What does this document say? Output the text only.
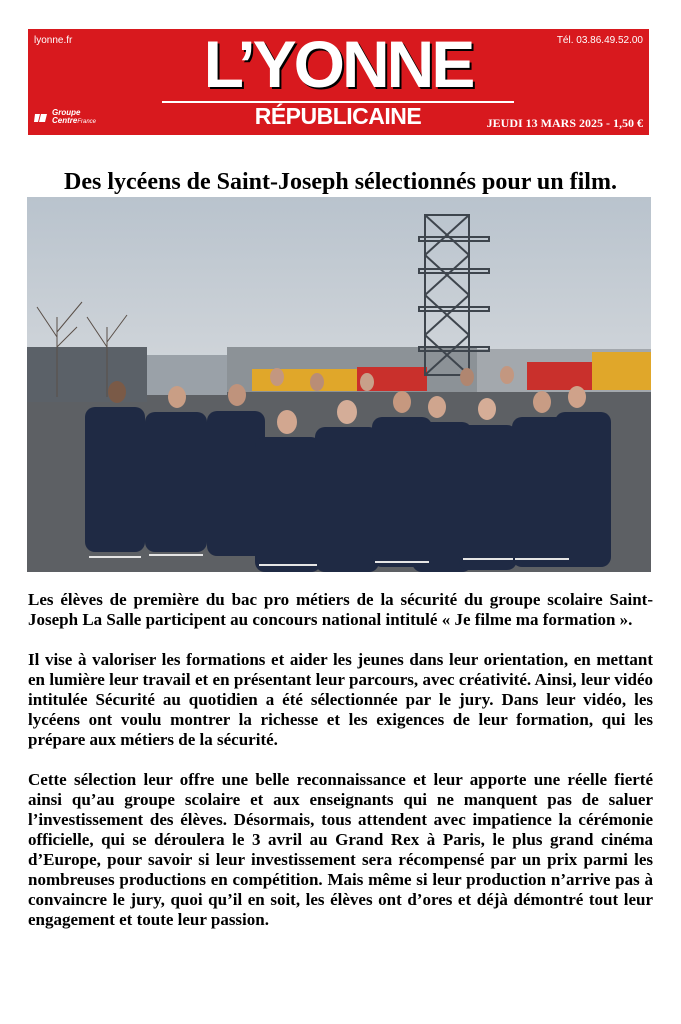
lyonne.fr	Tél. 03.86.49.52.00
L’YONNE
RÉPUBLICAINE
Groupe
CentreFrance	JEUDI 13 MARS 2025 - 1,50 €
Des lycéens de Saint-Joseph sélectionnés pour un film.

Les élèves de première du bac pro métiers de la sécurité du groupe scolaire Saint-Joseph La Salle participent au concours national intitulé « Je filme ma formation ».

Il vise à valoriser les formations et aider les jeunes dans leur orientation, en mettant en lumière leur travail et en présentant leur parcours, avec créativité. Ainsi, leur vidéo intitulée Sécurité au quotidien a été sélectionnée par le jury. Dans leur vidéo, les lycéens ont voulu montrer la richesse et les exigences de leur formation, qui les prépare aux métiers de la sécurité.

Cette sélection leur offre une belle reconnaissance et leur apporte une réelle fierté ainsi qu’au groupe scolaire et aux enseignants qui ne manquent pas de saluer l’investissement des élèves. Désormais, tous attendent avec impatience la cérémonie officielle, qui se déroulera le 3 avril au Grand Rex à Paris, le plus grand cinéma d’Europe, pour savoir si leur investissement sera récompensé par un prix parmi les nombreuses productions en compétition. Mais même si leur production n’arrive pas à convaincre le jury, quoi qu’il en soit, les élèves ont d’ores et déjà démontré tout leur engagement et toute leur passion.
